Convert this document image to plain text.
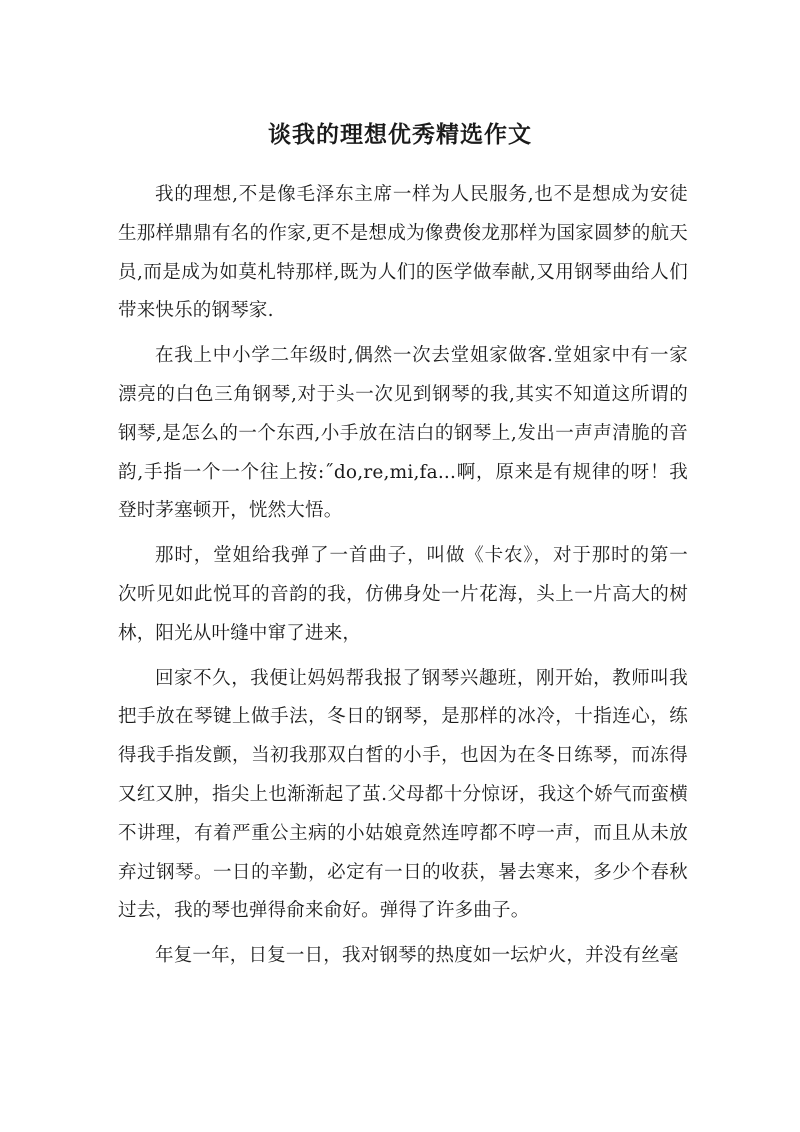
谈我的理想优秀精选作文

我的理想,不是像毛泽东主席一样为人民服务,也不是想成为安徒生那样鼎鼎有名的作家,更不是想成为像费俊龙那样为国家圆梦的航天员,而是成为如莫札特那样,既为人们的医学做奉献,又用钢琴曲给人们带来快乐的钢琴家.

在我上中小学二年级时,偶然一次去堂姐家做客.堂姐家中有一家漂亮的白色三角钢琴,对于头一次见到钢琴的我,其实不知道这所谓的钢琴,是怎么的一个东西,小手放在洁白的钢琴上,发出一声声清脆的音韵,手指一个一个往上按:˝do,re,mi,fa...啊，原来是有规律的呀！我登时茅塞顿开，恍然大悟。

那时，堂姐给我弹了一首曲子，叫做《卡农》，对于那时的第一次听见如此悦耳的音韵的我，仿佛身处一片花海，头上一片高大的树林，阳光从叶缝中窜了进来，

回家不久，我便让妈妈帮我报了钢琴兴趣班，刚开始，教师叫我把手放在琴键上做手法，冬日的钢琴，是那样的冰冷，十指连心，练得我手指发颤，当初我那双白皙的小手，也因为在冬日练琴，而冻得又红又肿，指尖上也渐渐起了茧.父母都十分惊讶，我这个娇气而蛮横不讲理，有着严重公主病的小姑娘竟然连哼都不哼一声，而且从未放弃过钢琴。一日的辛勤，必定有一日的收获，暑去寒来，多少个春秋过去，我的琴也弹得俞来俞好。弹得了许多曲子。

年复一年，日复一日，我对钢琴的热度如一坛炉火，并没有丝毫
